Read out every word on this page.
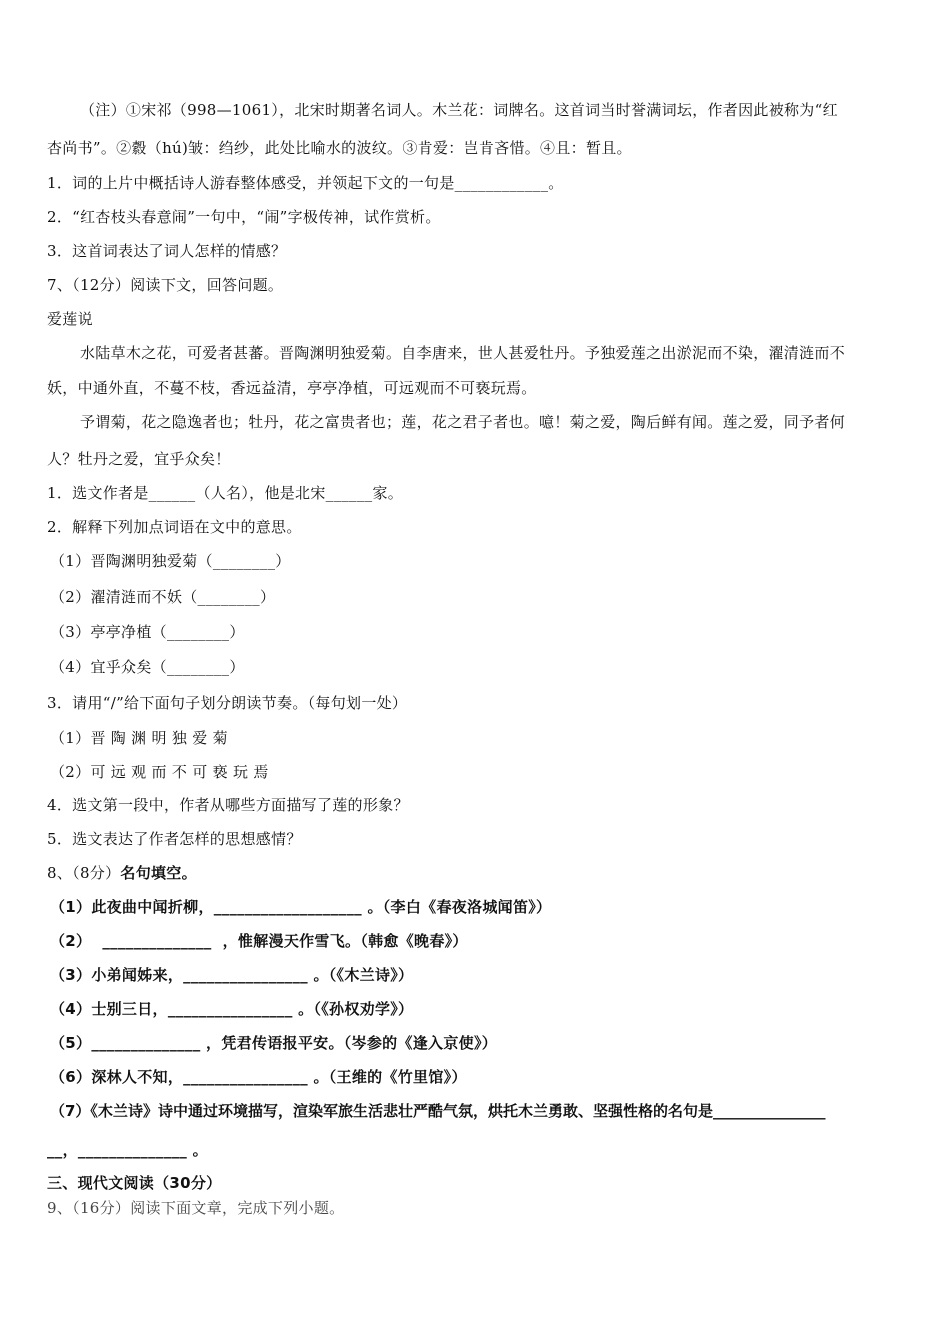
（注）①宋祁（998—1061），北宋时期著名词人。木兰花：词牌名。这首词当时誉满词坛，作者因此被称为“红
杏尚书”。②縠（hú)皱：绉纱，此处比喻水的波纹。③肯爱：岂肯吝惜。④且：暂且。
1．词的上片中概括诗人游春整体感受，并领起下文的一句是____________。
2．“红杏枝头春意闹”一句中，“闹”字极传神，试作赏析。
3．这首词表达了词人怎样的情感？
7、（12分）阅读下文，回答问题。
爱莲说
水陆草木之花，可爱者甚蕃。晋陶渊明独爱菊。自李唐来，世人甚爱牡丹。予独爱莲之出淤泥而不染，濯清涟而不
妖，中通外直，不蔓不枝，香远益清，亭亭净植，可远观而不可亵玩焉。
予谓菊，花之隐逸者也；牡丹，花之富贵者也；莲，花之君子者也。噫！菊之爱，陶后鲜有闻。莲之爱，同予者何
人？牡丹之爱，宜乎众矣！
1．选文作者是______（人名），他是北宋______家。
2．解释下列加点词语在文中的意思。
（1）晋陶渊明独爱菊（________）
（2）濯清涟而不妖（________）
（3）亭亭净植（________）
（4）宜乎众矣（________）
3．请用“/”给下面句子划分朗读节奏。（每句划一处）
（1）晋 陶 渊 明 独 爱 菊
（2）可 远 观 而 不 可 亵 玩 焉
4．选文第一段中，作者从哪些方面描写了莲的形象？
5．选文表达了作者怎样的思想感情？
8、（8分）名句填空。
（1）此夜曲中闻折柳，___________________ 。（李白《春夜洛城闻笛》）
（2）  ______________  ，惟解漫天作雪飞。（韩愈《晚春》）
（3）小弟闻姊来，________________ 。（《木兰诗》）
（4）士别三日，________________ 。（《孙权劝学》）
（5）______________ ，凭君传语报平安。（岑参的《逢入京使》）
（6）深林人不知，________________ 。（王维的《竹里馆》）
（7）《木兰诗》诗中通过环境描写，渲染军旅生活悲壮严酷气氛，烘托木兰勇敢、坚强性格的名句是_______________
__，______________ 。
三、现代文阅读（30分）
9、（16分）阅读下面文章，完成下列小题。
